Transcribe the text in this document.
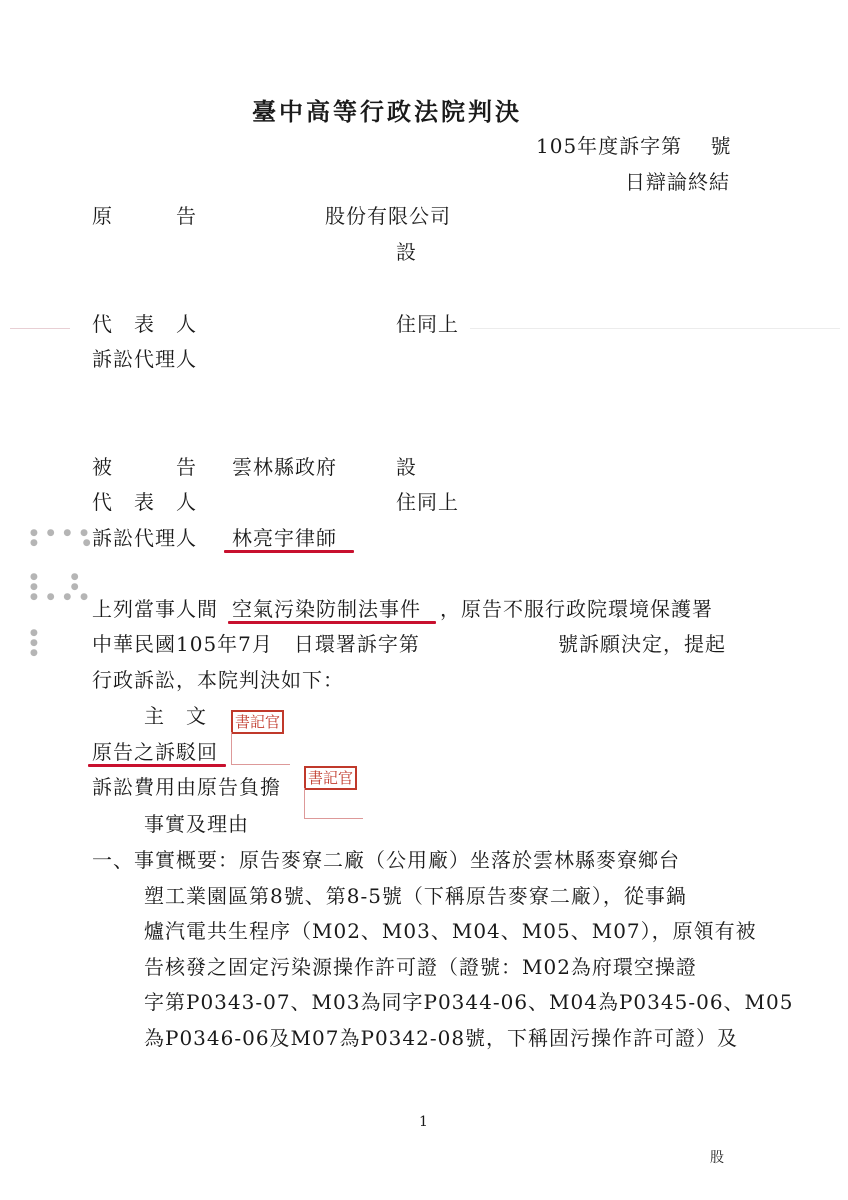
● ● ● ●
●　　　 ●
●　　 ●
●　　 ●
● ● ● ●
●
●
●
臺中高等行政法院判決
105年度訴字第　 號
日辯論終結
原　　　告	股份有限公司
設
代　表　人	住同上
訴訟代理人
被　　　告 雲林縣政府	設
代　表　人	住同上
訴訟代理人 林亮宇律師
上列當事人間 空氣污染防制法事件 ，原告不服行政院環境保護署
中華民國105年7月　日環署訴字第	號訴願決定，提起
行政訴訟，本院判決如下：
主　文 書記官
原告之訴駁回
訴訟費用由原告負擔 書記官
事實及理由
一、事實概要：原告麥寮二廠（公用廠）坐落於雲林縣麥寮鄉台
塑工業園區第8號、第8-5號（下稱原告麥寮二廠），從事鍋
爐汽電共生程序（M02、M03、M04、M05、M07），原領有被
告核發之固定污染源操作許可證（證號：M02為府環空操證
字第P0343-07、M03為同字P0344-06、M04為P0345-06、M05
為P0346-06及M07為P0342-08號，下稱固污操作許可證）及
1
股
